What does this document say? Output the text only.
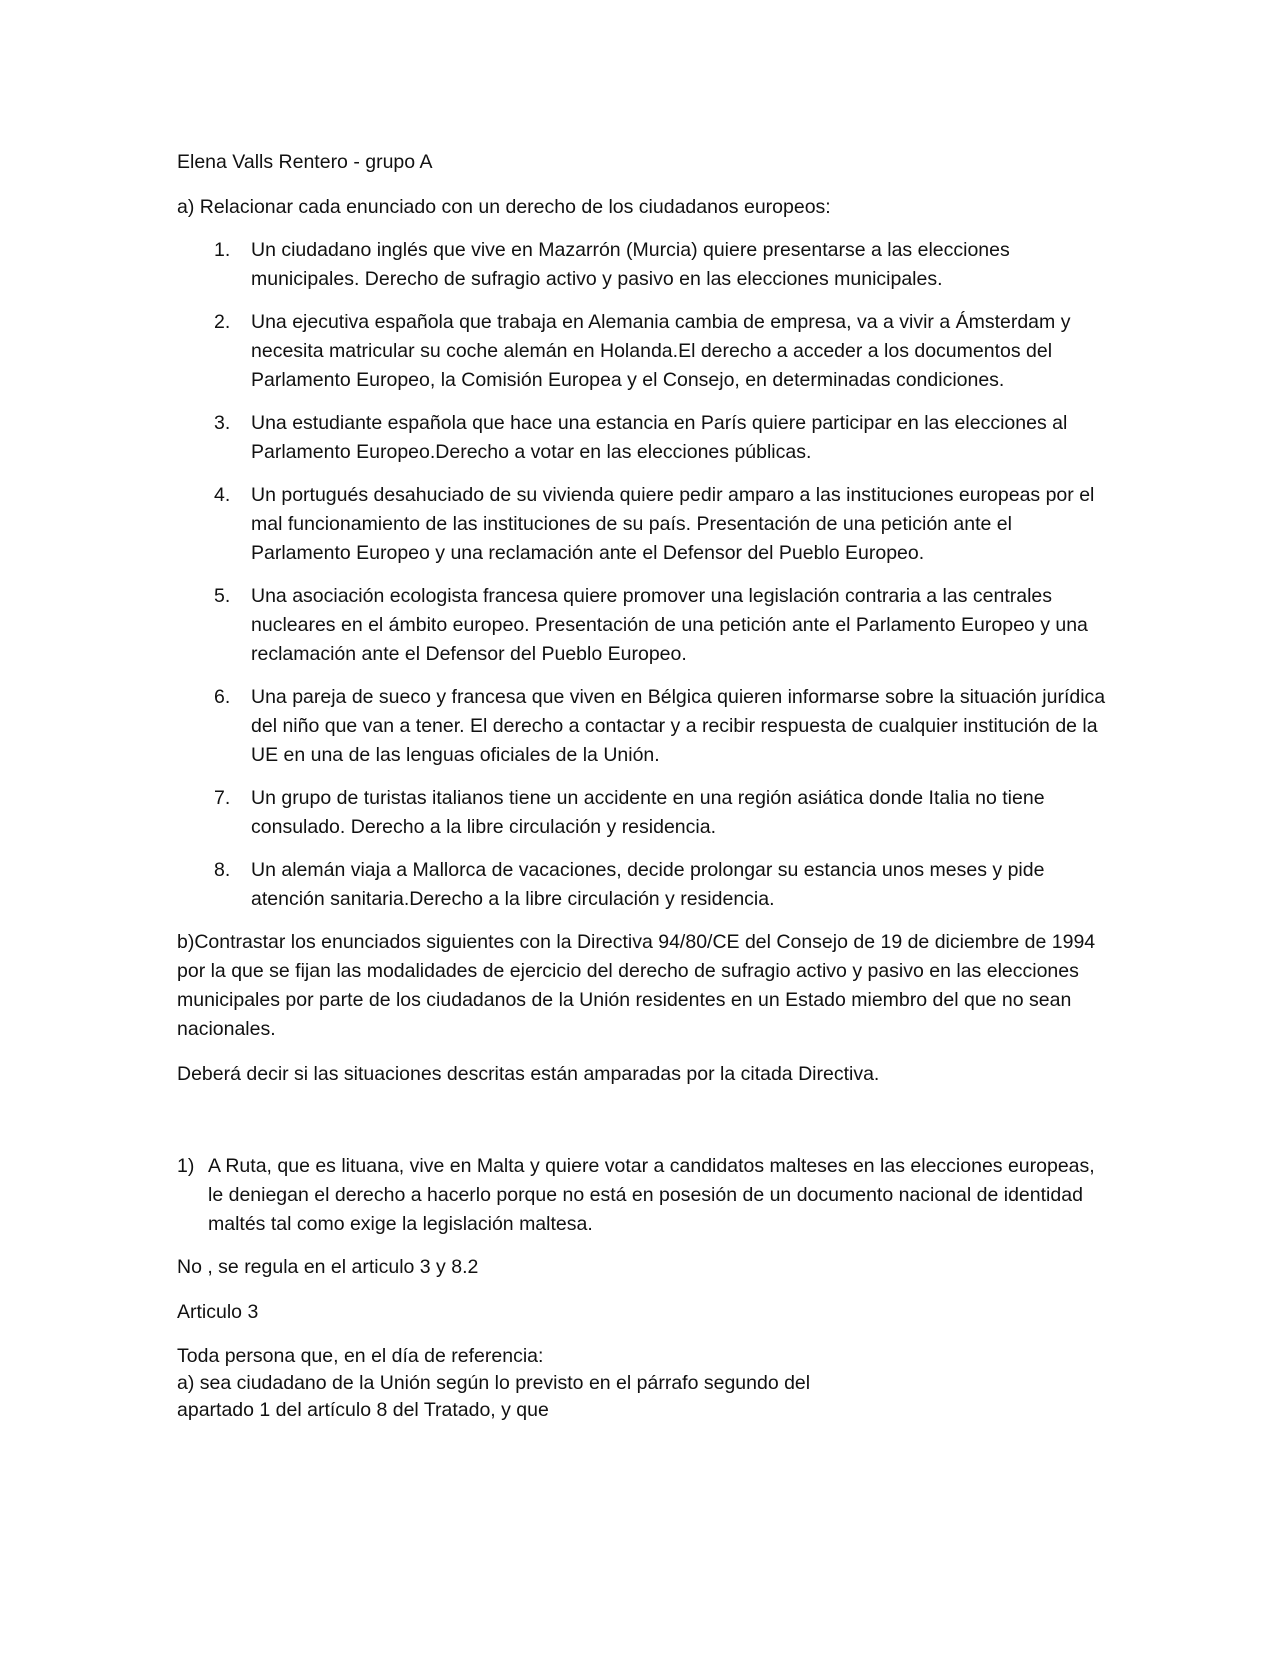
Elena Valls Rentero - grupo A

a) Relacionar cada enunciado con un derecho de los ciudadanos europeos:

1. Un ciudadano inglés que vive en Mazarrón (Murcia) quiere presentarse a las elecciones municipales. Derecho de sufragio activo y pasivo en las elecciones municipales.
2. Una ejecutiva española que trabaja en Alemania cambia de empresa, va a vivir a Ámsterdam y necesita matricular su coche alemán en Holanda.El derecho a acceder a los documentos del Parlamento Europeo, la Comisión Europea y el Consejo, en determinadas condiciones.
3. Una estudiante española que hace una estancia en París quiere participar en las elecciones al Parlamento Europeo.Derecho a votar en las elecciones públicas.
4. Un portugués desahuciado de su vivienda quiere pedir amparo a las instituciones europeas por el mal funcionamiento de las instituciones de su país. Presentación de una petición ante el Parlamento Europeo y una reclamación ante el Defensor del Pueblo Europeo.
5. Una asociación ecologista francesa quiere promover una legislación contraria a las centrales nucleares en el ámbito europeo. Presentación de una petición ante el Parlamento Europeo y una reclamación ante el Defensor del Pueblo Europeo.
6. Una pareja de sueco y francesa que viven en Bélgica quieren informarse sobre la situación jurídica del niño que van a tener. El derecho a contactar y a recibir respuesta de cualquier institución de la UE en una de las lenguas oficiales de la Unión.
7. Un grupo de turistas italianos tiene un accidente en una región asiática donde Italia no tiene consulado. Derecho a la libre circulación y residencia.
8. Un alemán viaja a Mallorca de vacaciones, decide prolongar su estancia unos meses y pide atención sanitaria.Derecho a la libre circulación y residencia.

b)Contrastar los enunciados siguientes con la Directiva 94/80/CE del Consejo de 19 de diciembre de 1994 por la que se fijan las modalidades de ejercicio del derecho de sufragio activo y pasivo en las elecciones municipales por parte de los ciudadanos de la Unión residentes en un Estado miembro del que no sean nacionales.

Deberá decir si las situaciones descritas están amparadas por la citada Directiva.

1) A Ruta, que es lituana, vive en Malta y quiere votar a candidatos malteses en las elecciones europeas, le deniegan el derecho a hacerlo porque no está en posesión de un documento nacional de identidad maltés tal como exige la legislación maltesa.

No , se regula en el articulo 3 y 8.2

Articulo 3

Toda persona que, en el día de referencia:

a) sea ciudadano de la Unión según lo previsto en el párrafo segundo del

apartado 1 del artículo 8 del Tratado, y que
